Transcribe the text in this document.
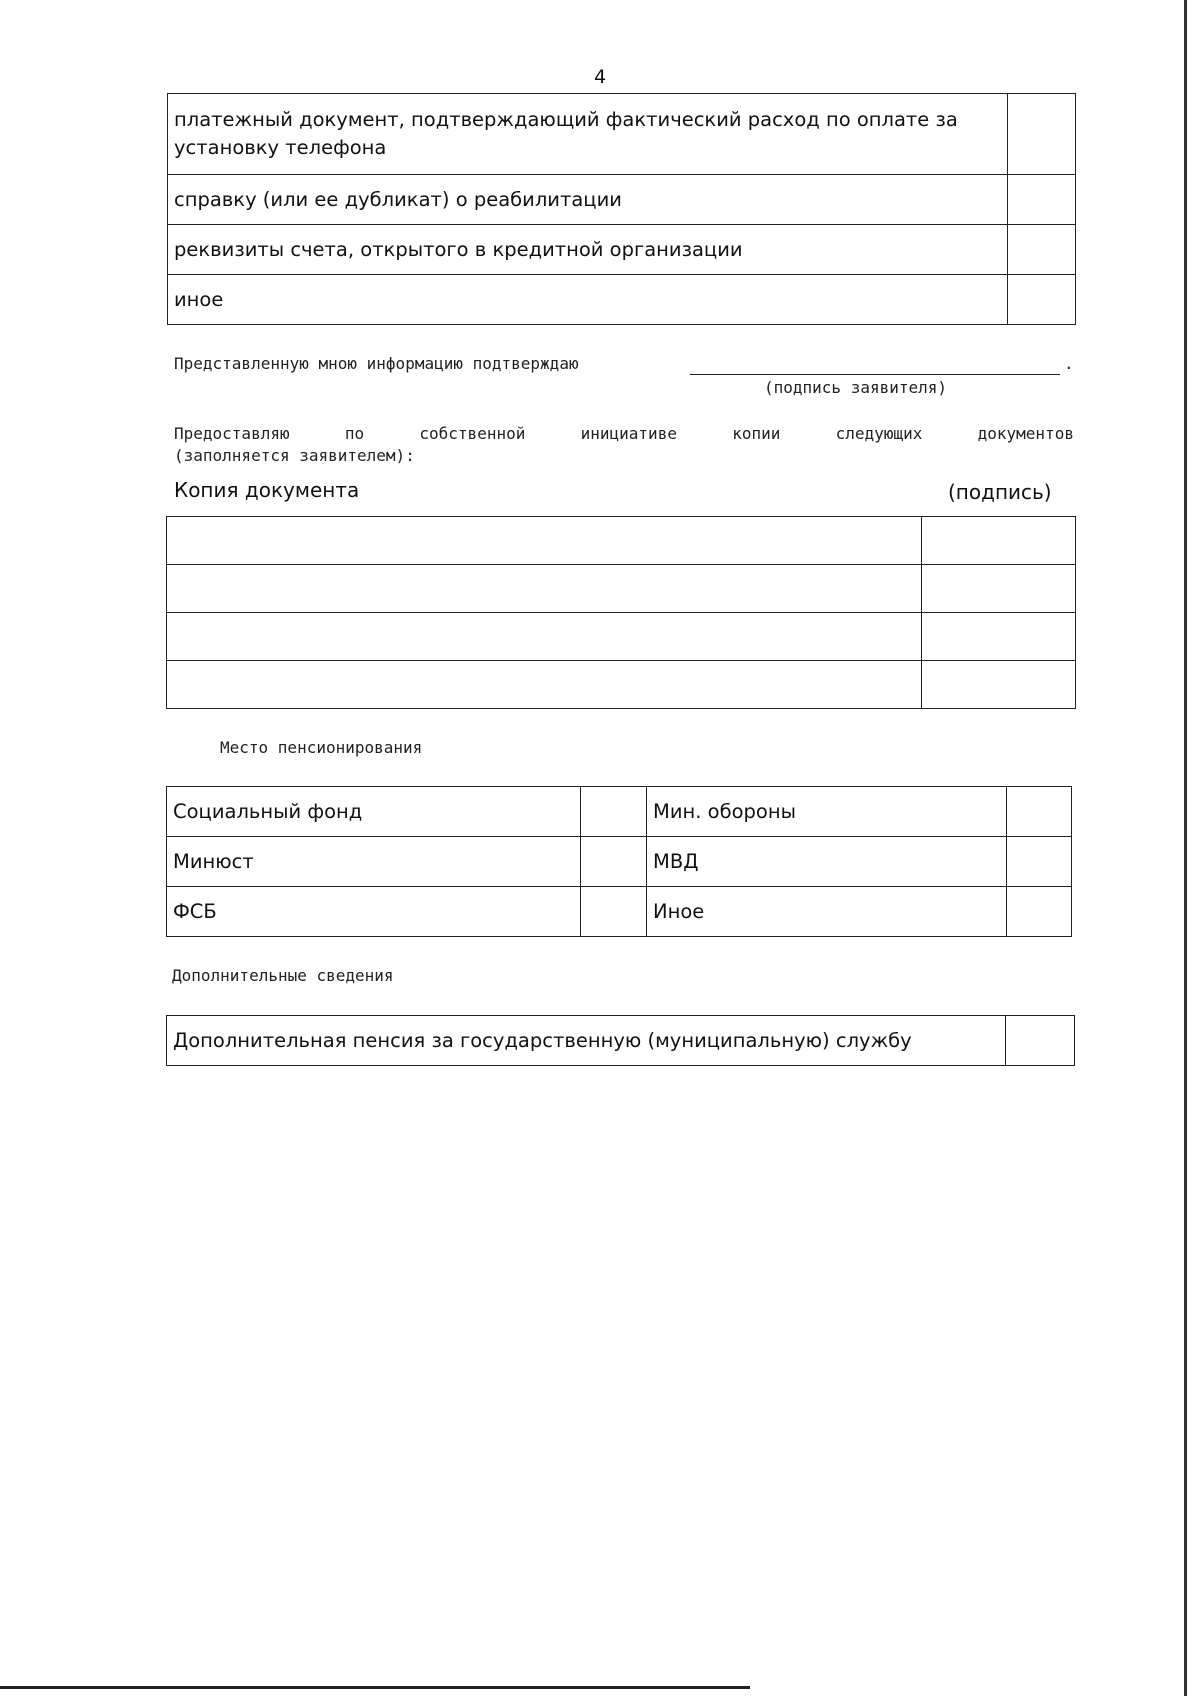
4
платежный документ, подтверждающий фактический расход по оплате за установку телефона	
справку (или ее дубликат) о реабилитации	
реквизиты счета, открытого в кредитной организации	
иное	
Представленную мною информацию подтверждаю	.
(подпись заявителя)
Предоставляю	по	собственной	инициативе	копии	следующих	документов
(заполняется заявителем):
Копия документа	(подпись)

Место пенсионирования
Социальный фонд		Мин. обороны	
Минюст		МВД	
ФСБ		Иное	
Дополнительные сведения
Дополнительная пенсия за государственную (муниципальную) службу	
